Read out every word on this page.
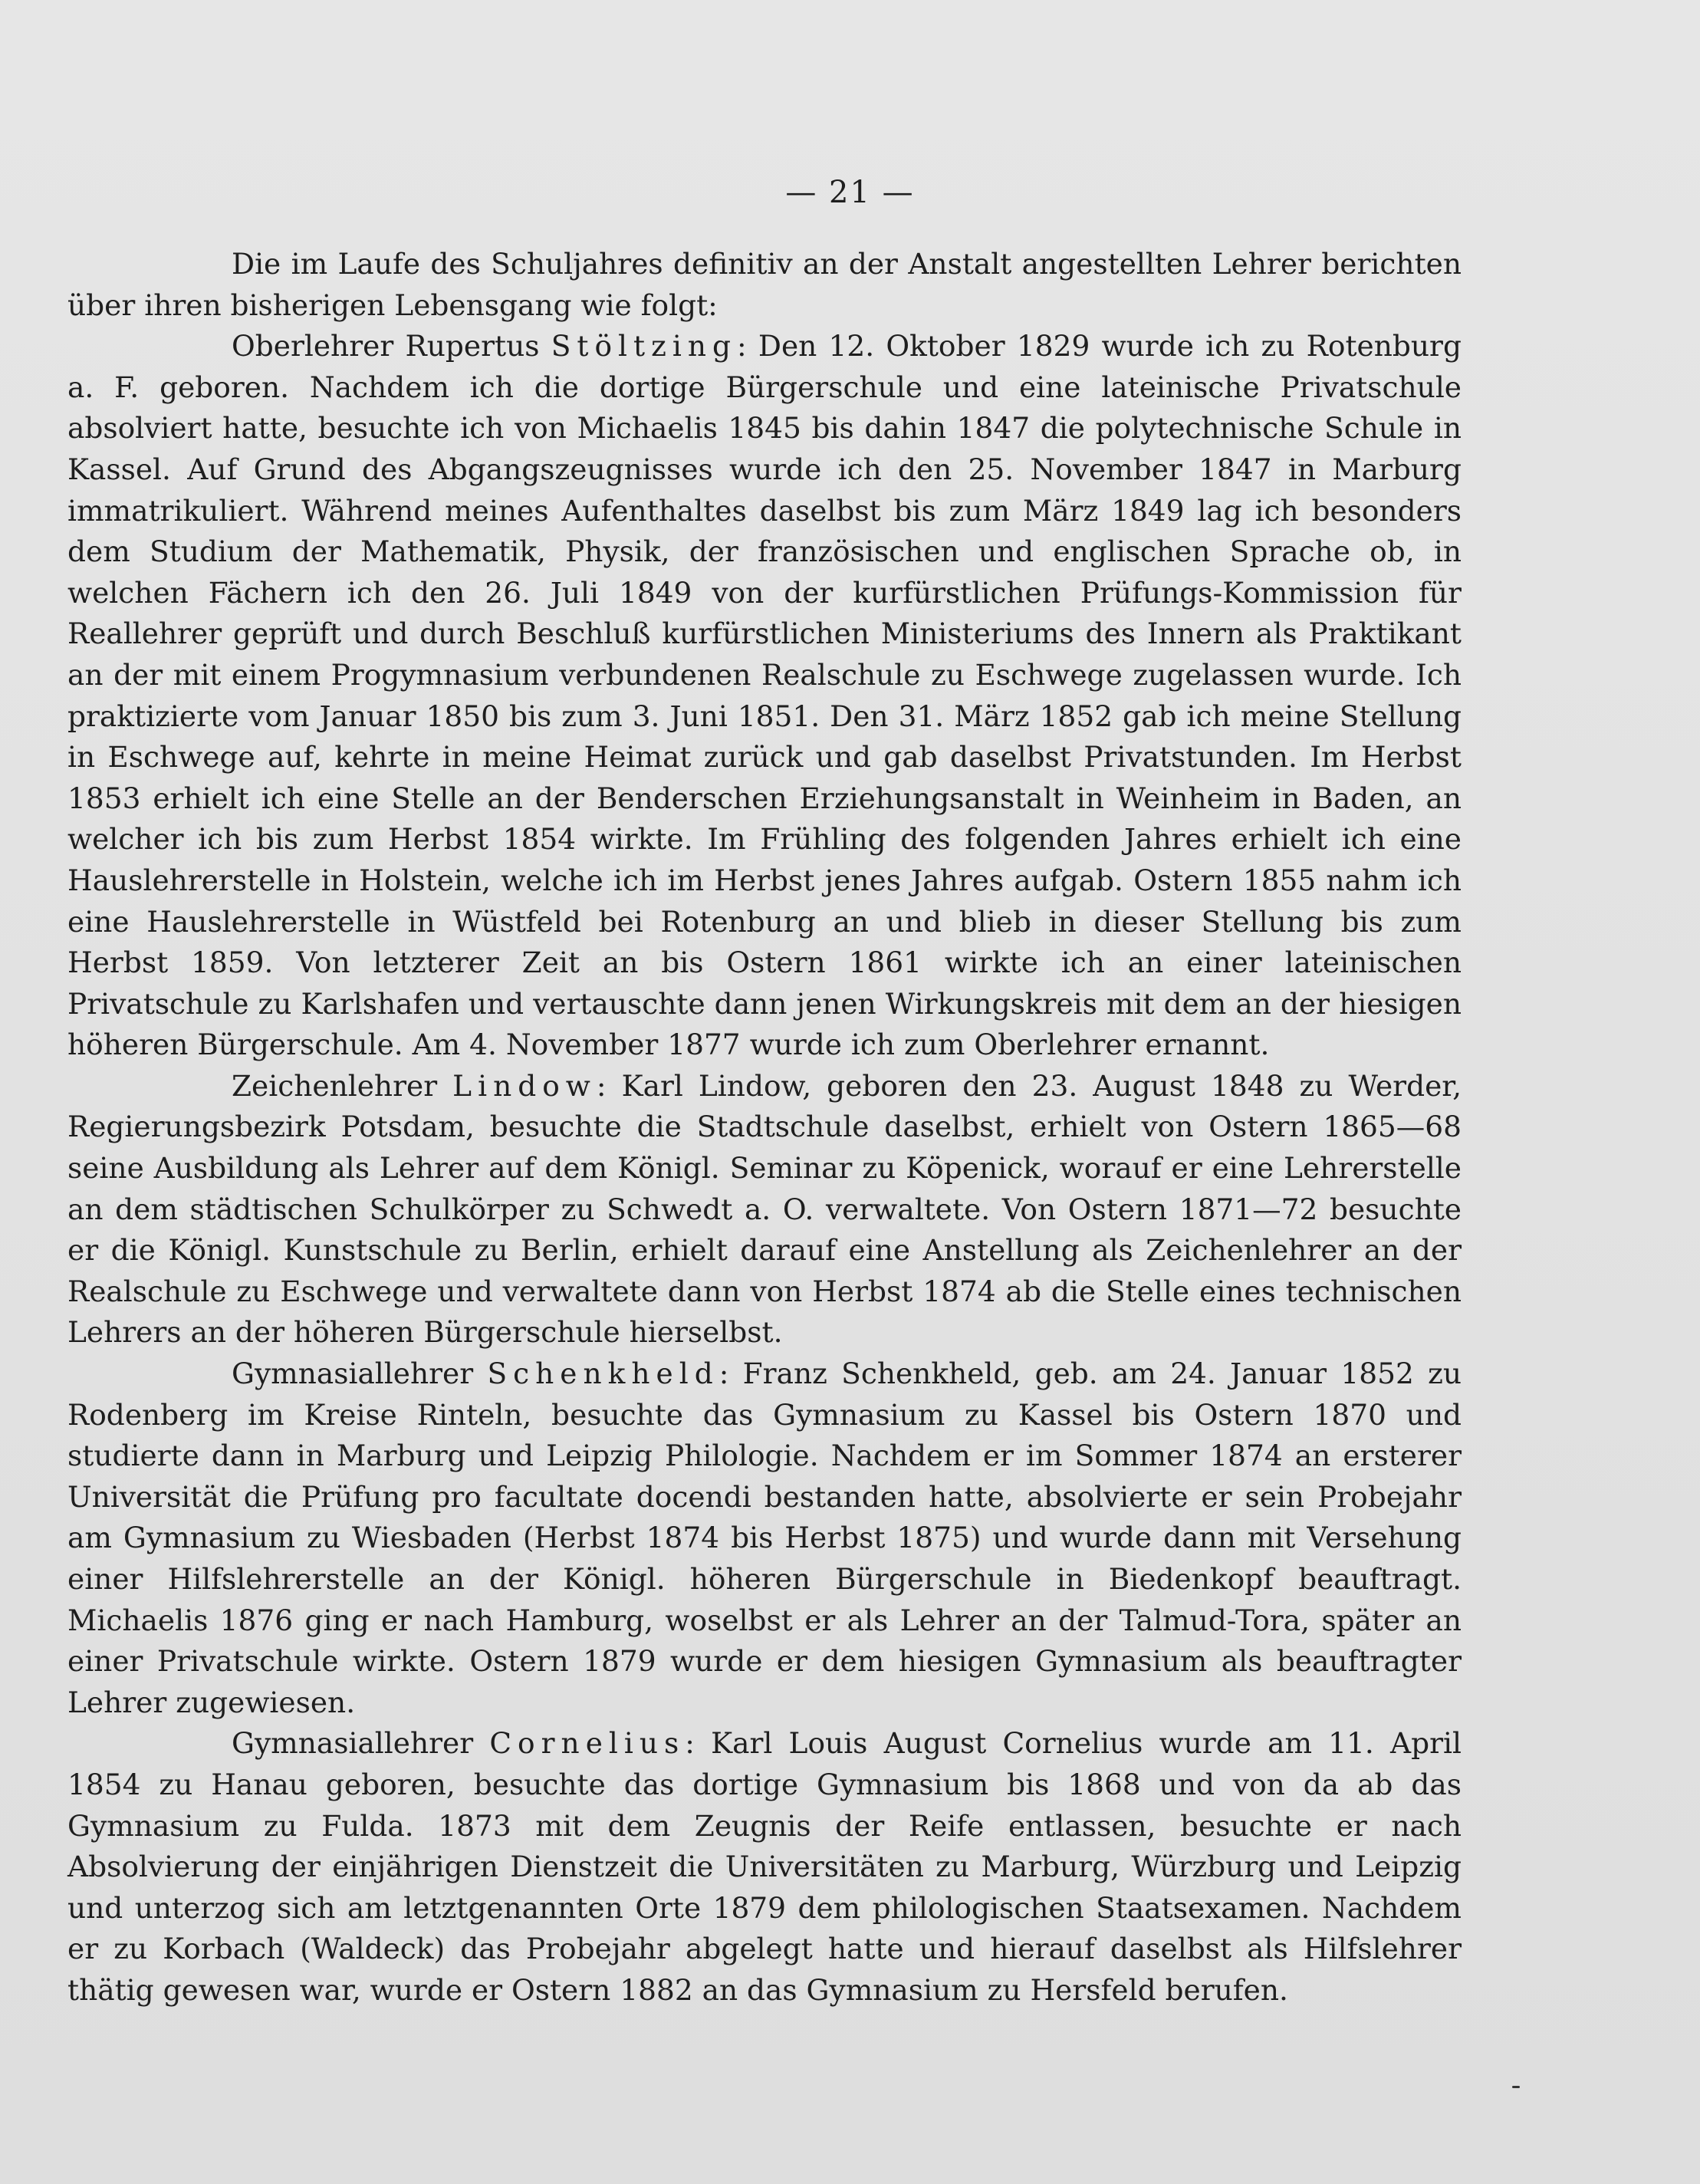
— 21 —

Die im Laufe des Schuljahres definitiv an der Anstalt angestellten Lehrer berichten über ihren bisherigen Lebensgang wie folgt:

Oberlehrer Rupertus Stöltzing: Den 12. Oktober 1829 wurde ich zu Rotenburg a. F. geboren. Nachdem ich die dortige Bürgerschule und eine lateinische Privatschule absolviert hatte, besuchte ich von Michaelis 1845 bis dahin 1847 die polytechnische Schule in Kassel. Auf Grund des Abgangszeugnisses wurde ich den 25. November 1847 in Marburg immatrikuliert. Während meines Aufenthaltes daselbst bis zum März 1849 lag ich besonders dem Studium der Mathematik, Physik, der französischen und englischen Sprache ob, in welchen Fächern ich den 26. Juli 1849 von der kurfürstlichen Prüfungs-Kommission für Reallehrer geprüft und durch Beschluß kurfürstlichen Ministeriums des Innern als Praktikant an der mit einem Progymnasium verbundenen Realschule zu Eschwege zugelassen wurde. Ich praktizierte vom Januar 1850 bis zum 3. Juni 1851. Den 31. März 1852 gab ich meine Stellung in Eschwege auf, kehrte in meine Heimat zurück und gab daselbst Privatstunden. Im Herbst 1853 erhielt ich eine Stelle an der Benderschen Erziehungsanstalt in Weinheim in Baden, an welcher ich bis zum Herbst 1854 wirkte. Im Frühling des folgenden Jahres erhielt ich eine Hauslehrerstelle in Holstein, welche ich im Herbst jenes Jahres aufgab. Ostern 1855 nahm ich eine Hauslehrerstelle in Wüstfeld bei Rotenburg an und blieb in dieser Stellung bis zum Herbst 1859. Von letzterer Zeit an bis Ostern 1861 wirkte ich an einer lateinischen Privatschule zu Karlshafen und vertauschte dann jenen Wirkungskreis mit dem an der hiesigen höheren Bürgerschule. Am 4. November 1877 wurde ich zum Oberlehrer ernannt.

Zeichenlehrer Lindow: Karl Lindow, geboren den 23. August 1848 zu Werder, Regierungsbezirk Potsdam, besuchte die Stadtschule daselbst, erhielt von Ostern 1865—68 seine Ausbildung als Lehrer auf dem Königl. Seminar zu Köpenick, worauf er eine Lehrerstelle an dem städtischen Schulkörper zu Schwedt a. O. verwaltete. Von Ostern 1871—72 besuchte er die Königl. Kunstschule zu Berlin, erhielt darauf eine Anstellung als Zeichenlehrer an der Realschule zu Eschwege und verwaltete dann von Herbst 1874 ab die Stelle eines technischen Lehrers an der höheren Bürgerschule hierselbst.

Gymnasiallehrer Schenkheld: Franz Schenkheld, geb. am 24. Januar 1852 zu Rodenberg im Kreise Rinteln, besuchte das Gymnasium zu Kassel bis Ostern 1870 und studierte dann in Marburg und Leipzig Philologie. Nachdem er im Sommer 1874 an ersterer Universität die Prüfung pro facultate docendi bestanden hatte, absolvierte er sein Probejahr am Gymnasium zu Wiesbaden (Herbst 1874 bis Herbst 1875) und wurde dann mit Versehung einer Hilfslehrerstelle an der Königl. höheren Bürgerschule in Biedenkopf beauftragt. Michaelis 1876 ging er nach Hamburg, woselbst er als Lehrer an der Talmud-Tora, später an einer Privatschule wirkte. Ostern 1879 wurde er dem hiesigen Gymnasium als beauftragter Lehrer zugewiesen.

Gymnasiallehrer Cornelius: Karl Louis August Cornelius wurde am 11. April 1854 zu Hanau geboren, besuchte das dortige Gymnasium bis 1868 und von da ab das Gymnasium zu Fulda. 1873 mit dem Zeugnis der Reife entlassen, besuchte er nach Absolvierung der einjährigen Dienstzeit die Universitäten zu Marburg, Würzburg und Leipzig und unterzog sich am letztgenannten Orte 1879 dem philologischen Staatsexamen. Nachdem er zu Korbach (Waldeck) das Probejahr abgelegt hatte und hierauf daselbst als Hilfslehrer thätig gewesen war, wurde er Ostern 1882 an das Gymnasium zu Hersfeld berufen.
